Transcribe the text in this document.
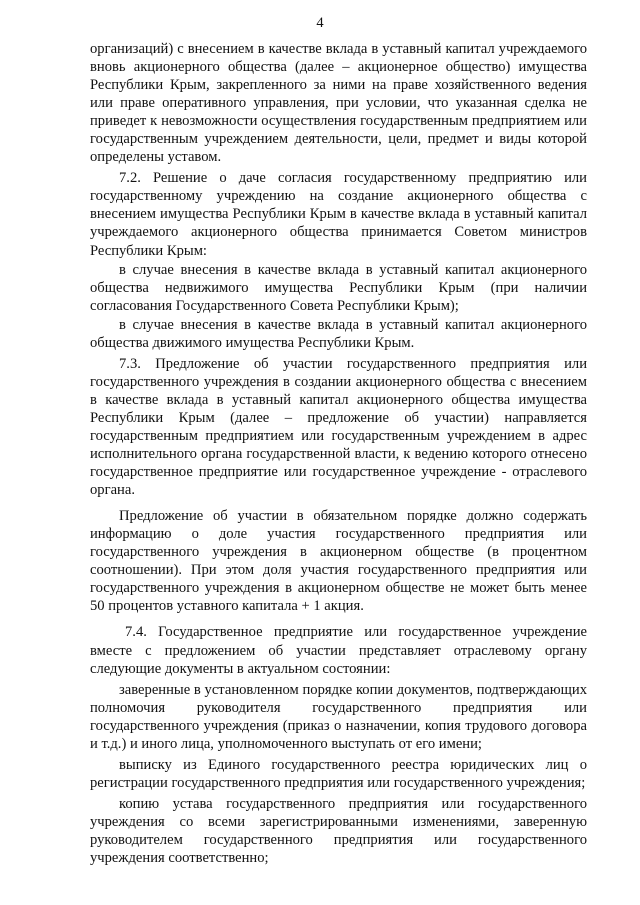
4

организаций) с внесением в качестве вклада в уставный капитал учреждаемого вновь акционерного общества (далее – акционерное общество) имущества Республики Крым, закрепленного за ними на праве хозяйственного ведения или праве оперативного управления, при условии, что указанная сделка не приведет к невозможности осуществления государственным предприятием или государственным учреждением деятельности, цели, предмет и виды которой определены уставом.

7.2. Решение о даче согласия государственному предприятию или государственному учреждению на создание акционерного общества с внесением имущества Республики Крым в качестве вклада в уставный капитал учреждаемого акционерного общества принимается Советом министров Республики Крым:

в случае внесения в качестве вклада в уставный капитал акционерного общества недвижимого имущества Республики Крым (при наличии согласования Государственного Совета Республики Крым);

в случае внесения в качестве вклада в уставный капитал акционерного общества движимого имущества Республики Крым.

7.3. Предложение об участии государственного предприятия или государственного учреждения в создании акционерного общества с внесением в качестве вклада в уставный капитал акционерного общества имущества Республики Крым (далее – предложение об участии) направляется государственным предприятием или государственным учреждением в адрес исполнительного органа государственной власти, к ведению которого отнесено государственное предприятие или государственное учреждение - отраслевого органа.

Предложение об участии в обязательном порядке должно содержать информацию о доле участия государственного предприятия или государственного учреждения в акционерном обществе (в процентном соотношении). При этом доля участия государственного предприятия или государственного учреждения в акционерном обществе не может быть менее 50 процентов уставного капитала + 1 акция.

7.4. Государственное предприятие или государственное учреждение вместе с предложением об участии представляет отраслевому органу следующие документы в актуальном состоянии:

заверенные в установленном порядке копии документов, подтверждающих полномочия руководителя государственного предприятия или государственного учреждения (приказ о назначении, копия трудового договора и т.д.) и иного лица, уполномоченного выступать от его имени;

выписку из Единого государственного реестра юридических лиц о регистрации государственного предприятия или государственного учреждения;

копию устава государственного предприятия или государственного учреждения со всеми зарегистрированными изменениями, заверенную руководителем государственного предприятия или государственного учреждения соответственно;
